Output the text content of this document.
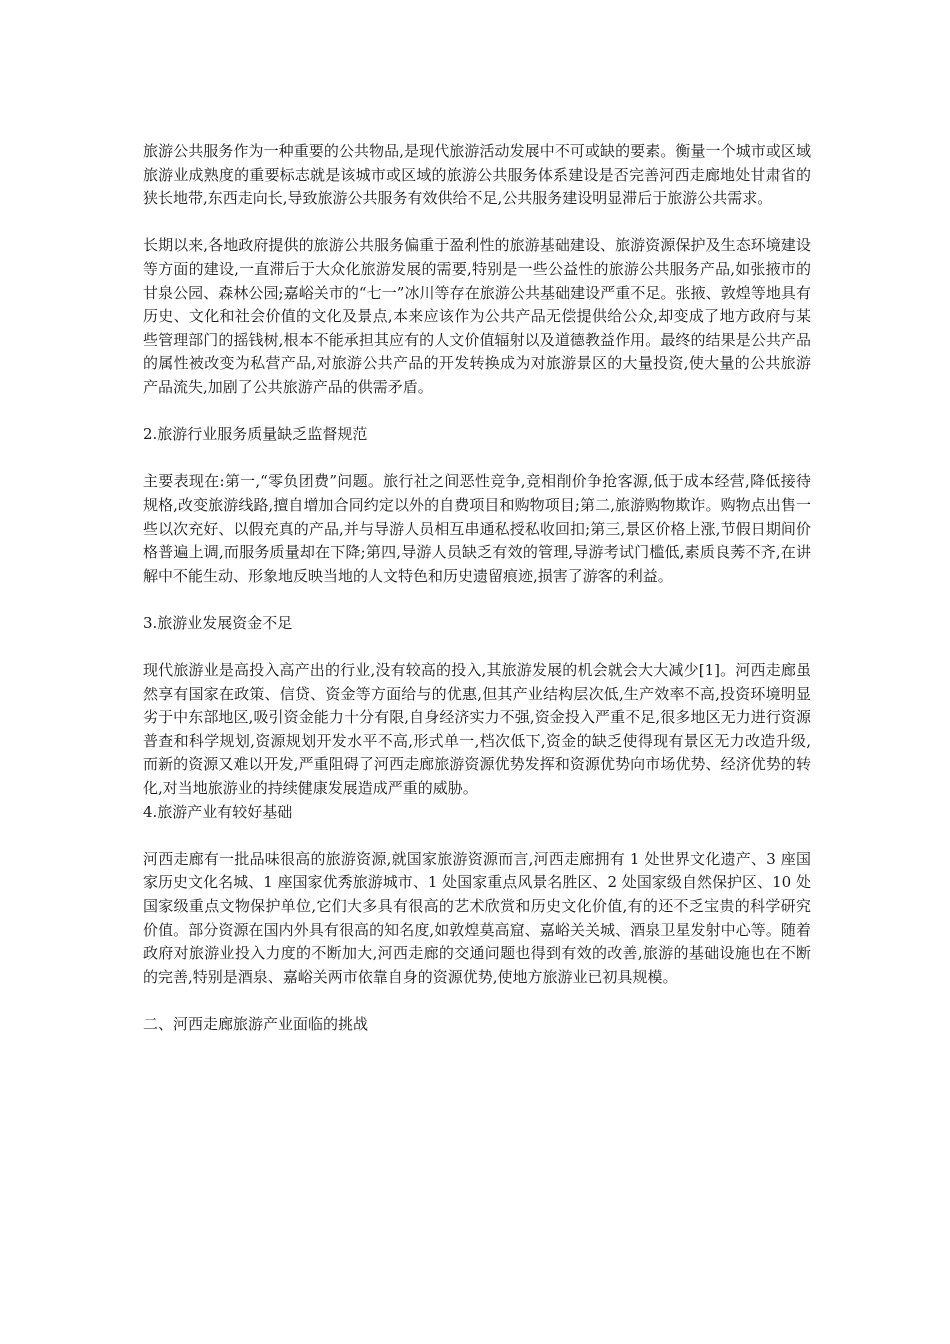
旅游公共服务作为一种重要的公共物品,是现代旅游活动发展中不可或缺的要素。衡量一个城市或区域旅游业成熟度的重要标志就是该城市或区域的旅游公共服务体系建设是否完善河西走廊地处甘肃省的狭长地带,东西走向长,导致旅游公共服务有效供给不足,公共服务建设明显滞后于旅游公共需求。

长期以来,各地政府提供的旅游公共服务偏重于盈利性的旅游基础建设、旅游资源保护及生态环境建设等方面的建设,一直滞后于大众化旅游发展的需要,特别是一些公益性的旅游公共服务产品,如张掖市的甘泉公园、森林公园;嘉峪关市的“七一”冰川等存在旅游公共基础建设严重不足。张掖、敦煌等地具有历史、文化和社会价值的文化及景点,本来应该作为公共产品无偿提供给公众,却变成了地方政府与某些管理部门的摇钱树,根本不能承担其应有的人文价值辐射以及道德教益作用。最终的结果是公共产品的属性被改变为私营产品,对旅游公共产品的开发转换成为对旅游景区的大量投资,使大量的公共旅游产品流失,加剧了公共旅游产品的供需矛盾。

2.旅游行业服务质量缺乏监督规范

主要表现在:第一,“零负团费”问题。旅行社之间恶性竞争,竞相削价争抢客源,低于成本经营,降低接待规格,改变旅游线路,擅自增加合同约定以外的自费项目和购物项目;第二,旅游购物欺诈。购物点出售一些以次充好、以假充真的产品,并与导游人员相互串通私授私收回扣;第三,景区价格上涨,节假日期间价格普遍上调,而服务质量却在下降;第四,导游人员缺乏有效的管理,导游考试门槛低,素质良莠不齐,在讲解中不能生动、形象地反映当地的人文特色和历史遗留痕迹,损害了游客的利益。

3.旅游业发展资金不足

现代旅游业是高投入高产出的行业,没有较高的投入,其旅游发展的机会就会大大减少[1]。河西走廊虽然享有国家在政策、信贷、资金等方面给与的优惠,但其产业结构层次低,生产效率不高,投资环境明显劣于中东部地区,吸引资金能力十分有限,自身经济实力不强,资金投入严重不足,很多地区无力进行资源普查和科学规划,资源规划开发水平不高,形式单一,档次低下,资金的缺乏使得现有景区无力改造升级,而新的资源又难以开发,严重阻碍了河西走廊旅游资源优势发挥和资源优势向市场优势、经济优势的转化,对当地旅游业的持续健康发展造成严重的威胁。

4.旅游产业有较好基础

河西走廊有一批品味很高的旅游资源,就国家旅游资源而言,河西走廊拥有 1 处世界文化遗产、3 座国家历史文化名城、1 座国家优秀旅游城市、1 处国家重点风景名胜区、2 处国家级自然保护区、10 处国家级重点文物保护单位,它们大多具有很高的艺术欣赏和历史文化价值,有的还不乏宝贵的科学研究价值。部分资源在国内外具有很高的知名度,如敦煌莫高窟、嘉峪关关城、酒泉卫星发射中心等。随着政府对旅游业投入力度的不断加大,河西走廊的交通问题也得到有效的改善,旅游的基础设施也在不断的完善,特别是酒泉、嘉峪关两市依靠自身的资源优势,使地方旅游业已初具规模。

二、河西走廊旅游产业面临的挑战
